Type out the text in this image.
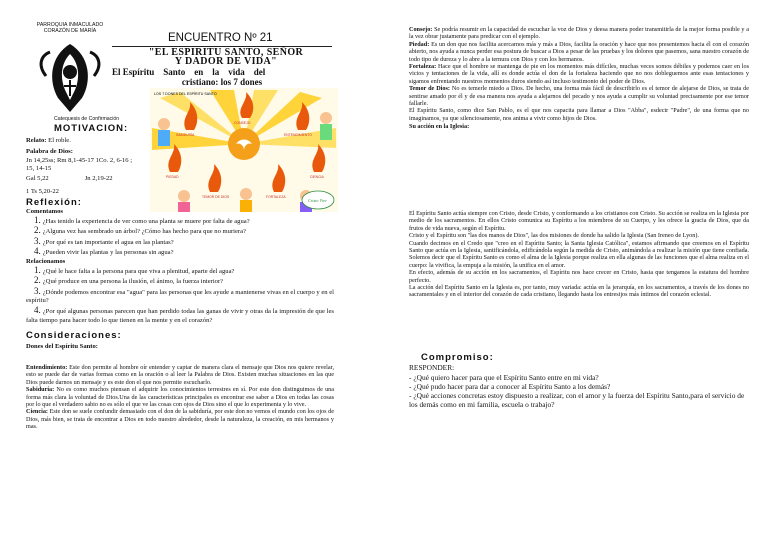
PARROQUIA INMACULADO
CORAZÓN DE MARÍA
Catequesis de Confirmación
ENCUENTRO Nº 21
"EL ESPIRITU SANTO, SEÑOR
Y DADOR DE VIDA"
El Espíritu    Santo    en    la    vida    del
cristiano: los 7 dones
LOS 7 DONES DEL ESPÍRITU SANTO
SABIDURÍA
CONSEJO
ENTENDIMIENTO
PIEDAD	CIENCIA
TEMOR DE DIOS	FORTALEZA
Cristo Vive
MOTIVACION:

Relato: El roble.

Palabra de Dios:

Jn 14,25ss; Rm 8,1-45-17 1Co. 2, 6-16 ;

15, 14-15

Gal 5,22	Jn 2,19-22

1 Ts 5,20-22

Reflexión:

Comentamos

1. ¿Has tenido la experiencia de ver como una planta se muere por falta de agua?

2. ¿Alguna vez has sembrado un árbol? ¿Cómo has hecho para que no muriera?

3. ¿Por qué es tan importante el agua en las plantas?

4. ¿Pueden vivir las plantas y las personas sin agua?

Relacionamos

1. ¿Qué le hace falta a la persona para que viva a plenitud, aparte del agua?

2. ¿Qué produce en una persona la ilusión, el ánimo, la fuerza interior?

3. ¿Dónde podemos encontrar esa "agua" para las personas que les ayude a mantenerse vivas en el cuerpo y en el espíritu?

4. ¿Por qué algunas personas parecen que han perdido todas las ganas de vivir y otras da la impresión de que les falta tiempo para hacer todo lo que tienen en la mente y en el corazón?

Consideraciones:
Dones del Espíritu Santo:

Entendimiento: Este don permite al hombre oír entender y captar de manera clara el mensaje que Dios nos quiere revelar, esto se puede dar de varias formas como en la oración o al leer la Palabra de Dios. Existen muchas situaciones en las que Dios puede darnos un mensaje y es este don el que nos permite escucharlo.

Sabiduría: No es como muchos piensan el adquirir los conocimientos terrestres en sí. Por este don distinguimos de una forma más clara la voluntad de Dios.Una de las características principales es encontrar ese saber a Dios en todas las cosas por lo que el verdadero sabio no es sólo el que ve las cosas con ojos de Dios sino el que lo experimenta y lo vive.

Ciencia: Este don se suele confundir demasiado con el don de la sabiduría, por este don no vemos el mundo con los ojos de Dios, más bien, se trata de encontrar a Dios en todo nuestro alrededor, desde la naturaleza, la creación, en mis hermanos y mas.

Consejo: Se podría resumir en la capacidad de escuchar la voz de Dios y deesa manera poder transmitirla de la mejor forma posible y a la vez obrar justamente para predicar con el ejemplo.

Piedad: Es un don que nos facilita acercarnos más y más a Dios, facilita la oración y hace que nos presentemos hacia él con el corazón abierto, nos ayuda a nunca perder esa postura de buscar a Dios a pesar de las pruebas y los dolores que pasemos, sana nuestro corazón de todo tipo de dureza y lo abre a la ternura con Dios y con los hermanos.

Fortaleza: Hace que el hombre se mantenga de pie en los momentos más difíciles, muchas veces somos débiles y podemos caer en los vicios y tentaciones de la vida, allí es donde actúa el don de la fortaleza haciendo que no nos dobleguemos ante esas tentaciones y sigamos enfrentando nuestros momentos duros siendo así incluso testimonio del poder de Dios.

Temor de Dios: No es temerle miedo a Dios. De hecho, una forma más fácil de describirlo es el temor de alejarse de Dios, se trata de sentirse amado por él y de esa manera nos ayuda a alejarnos del pecado y nos ayuda a cumplir su voluntad precisamente por ese temor fallarle.

El Espíritu Santo, como dice San Pablo, es el que nos capacita para llamar a Dios "Abba", esdecir "Padre", de una forma que no imaginamos, ya que silenciosamente, nos anima a vivir como hijos de Dios.

Su acción en la Iglesia:

El Espíritu Santo actúa siempre con Cristo, desde Cristo, y conformando a los cristianos con Cristo. Su acción se realiza en la Iglesia por medio de los sacramentos. En ellos Cristo comunica su Espíritu a los miembros de su Cuerpo, y les ofrece la gracia de Dios, que da frutos de vida nueva, según el Espíritu.

Cristo y el Espíritu son "las dos manos de Dios", las dos misiones de donde ha salido la Iglesia (San Ireneo de Lyon).

Cuando decimos en el Credo que "creo en el Espíritu Santo; la Santa Iglesia Católica", estamos afirmando que creemos en el Espíritu Santo que actúa en la Iglesia, santificándola, edificándola según la medida de Cristo, animándola a realizar la misión que tiene confiada. Solemos decir que el Espíritu Santo es como el alma de la Iglesia porque realiza en ella algunas de las funciones que el alma realiza en el cuerpo: la vivifica, la empuja a la misión, la unifica en el amor.

En efecto, además de su acción en los sacramentos, el Espíritu nos hace crecer en Cristo, hasta que tengamos la estatura del hombre perfecto.

La acción del Espíritu Santo en la Iglesia es, por tanto, muy variada: actúa en la jerarquía, en los sacramentos, a través de los dones no sacramentales y en el interior del corazón de cada cristiano, llegando hasta los entresijos más íntimos del corazón eclesial.

Compromiso:

RESPONDER:

- ¿Qué quiero hacer para que el Espíritu Santo entre en mi vida?

- ¿Qué pudo hacer para dar a conocer al Espíritu Santo a los demás?

- ¿Qué acciones concretas estoy dispuesto a realizar, con el amor y la fuerza del Espíritu Santo,para el servicio de los demás como en mi familia, escuela o trabajo?
